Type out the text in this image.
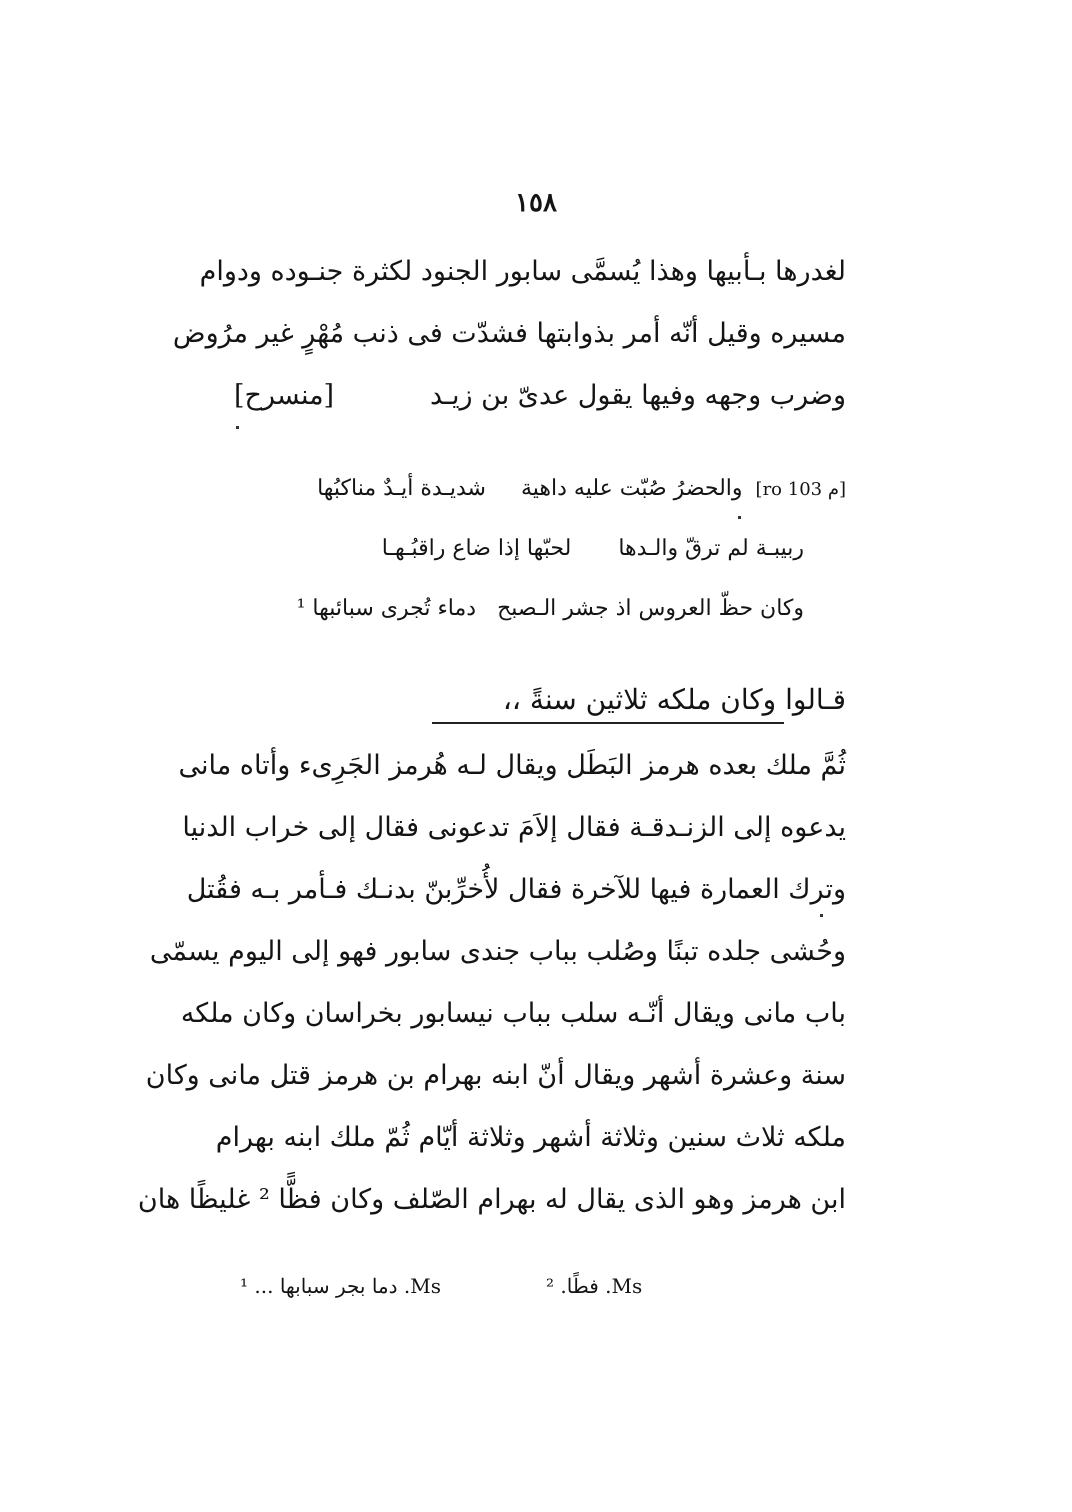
١٥٨
لغدرها بـأبيها وهذا يُسمَّى سابور الجنود لكثرة جنـوده ودوام
مسيره وقيل أنّه أمر بذوابتها فشدّت فى ذنب مُهْرٍ غير مرُوض
وضرب وجهه وفيها يقول عدىّ بن زيـد
[منسرح]
[م 103 ro] والحضرُ صُبّت عليه داهية شديـدة أيـدٌ مناكبُها
ربيبـة لم ترقّ والـدها لحبّها إذا ضاع راقبُـهـا
وكان حظّ العروس اذ جشر الـصبح دماء تُجرى سبائبها ¹
قـالوا وكان ملكه ثلاثين سنةً ،،
ثُمَّ ملك بعده هرمز البَطَل ويقال لـه هُرمز الجَرِىء وأتاه مانى
يدعوه إلى الزنـدقـة فقال إلاَمَ تدعونى فقال إلى خراب الدنيا
وترك العمارة فيها للآخرة فقال لأُخرِّبنّ بدنـك فـأمر بـه فقُتل
وحُشى جلده تبنًا وصُلب بباب جندى سابور فهو إلى اليوم يسمّى
باب مانى ويقال أنّـه سلب بباب نيسابور بخراسان وكان ملكه
سنة وعشرة أشهر ويقال أنّ ابنه بهرام بن هرمز قتل مانى وكان
ملكه ثلاث سنين وثلاثة أشهر وثلاثة أيّام ثُمّ ملك ابنه بهرام
ابن هرمز وهو الذى يقال له بهرام الصّلف وكان فظًّا ² غليظًا هان
Ms. دما بجر سبابها ... ¹	Ms. فطًا. ²
